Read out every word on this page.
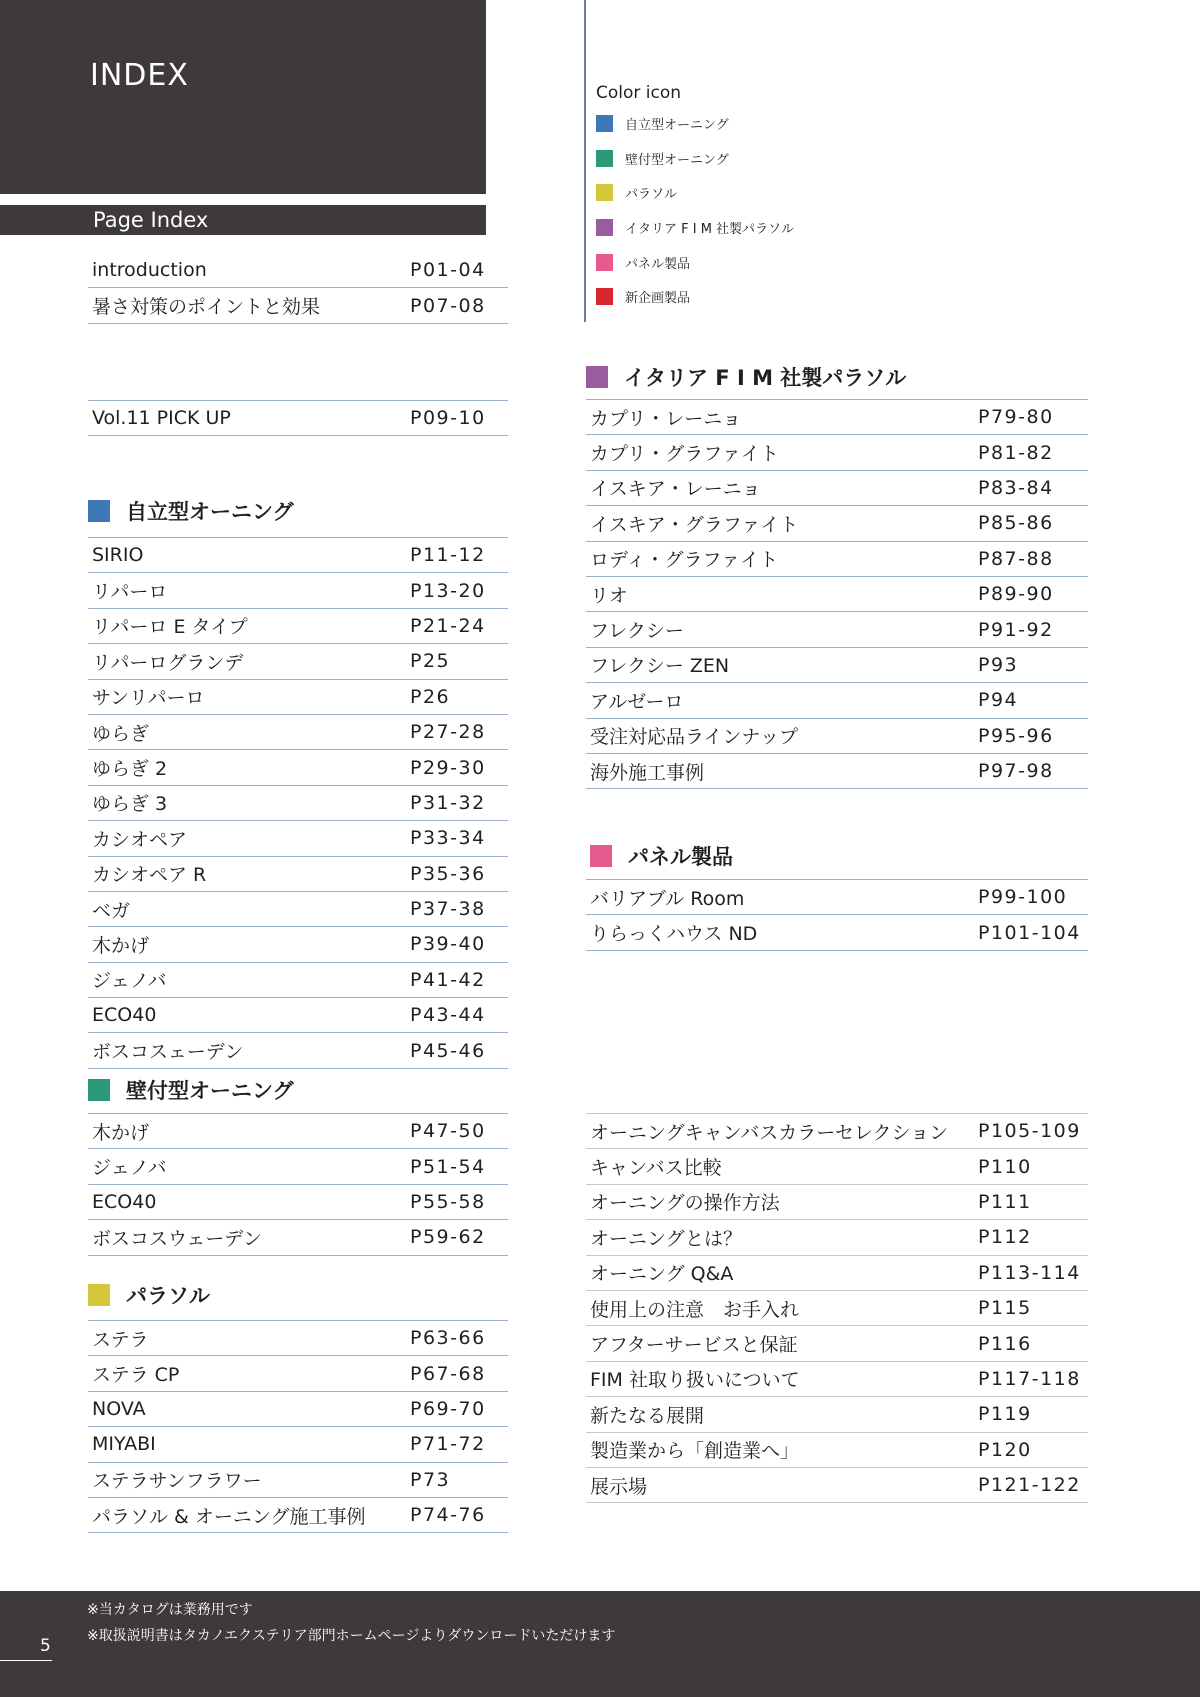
INDEX
Page Index
Color icon
自立型オーニング
壁付型オーニング
パラソル
イタリア F I M 社製パラソル
パネル製品
新企画製品
introduction	P01-04
暑さ対策のポイントと効果	P07-08
Vol.11 PICK UP	P09-10
自立型オーニング
SIRIO	P11-12
リパーロ	P13-20
リパーロ E タイプ	P21-24
リパーログランデ	P25
サンリパーロ	P26
ゆらぎ	P27-28
ゆらぎ 2	P29-30
ゆらぎ 3	P31-32
カシオペア	P33-34
カシオペア R	P35-36
ベガ	P37-38
木かげ	P39-40
ジェノバ	P41-42
ECO40	P43-44
ボスコスェーデン	P45-46
壁付型オーニング
木かげ	P47-50
ジェノバ	P51-54
ECO40	P55-58
ボスコスウェーデン	P59-62
パラソル
ステラ	P63-66
ステラ CP	P67-68
NOVA	P69-70
MIYABI	P71-72
ステラサンフラワー	P73
パラソル & オーニング施工事例 P74-76
イタリア F I M 社製パラソル
カプリ・レーニョ	P79-80
カプリ・グラファイト	P81-82
イスキア・レーニョ	P83-84
イスキア・グラファイト	P85-86
ロディ・グラファイト	P87-88
リオ	P89-90
フレクシー	P91-92
フレクシー ZEN	P93
アルゼーロ	P94
受注対応品ラインナップ	P95-96
海外施工事例	P97-98
パネル製品
バリアブル Room	P99-100
りらっくハウス ND	P101-104
オーニングキャンバスカラーセレクション P105-109
キャンバス比較	P110
オーニングの操作方法	P111
オーニングとは？	P112
オーニング Q&A	P113-114
使用上の注意　お手入れ	P115
アフターサービスと保証	P116
FIM 社取り扱いについて	P117-118
新たなる展開	P119
製造業から「創造業へ」	P120
展示場	P121-122
※当カタログは業務用です
※取扱説明書はタカノエクステリア部門ホームページよりダウンロードいただけます
5
